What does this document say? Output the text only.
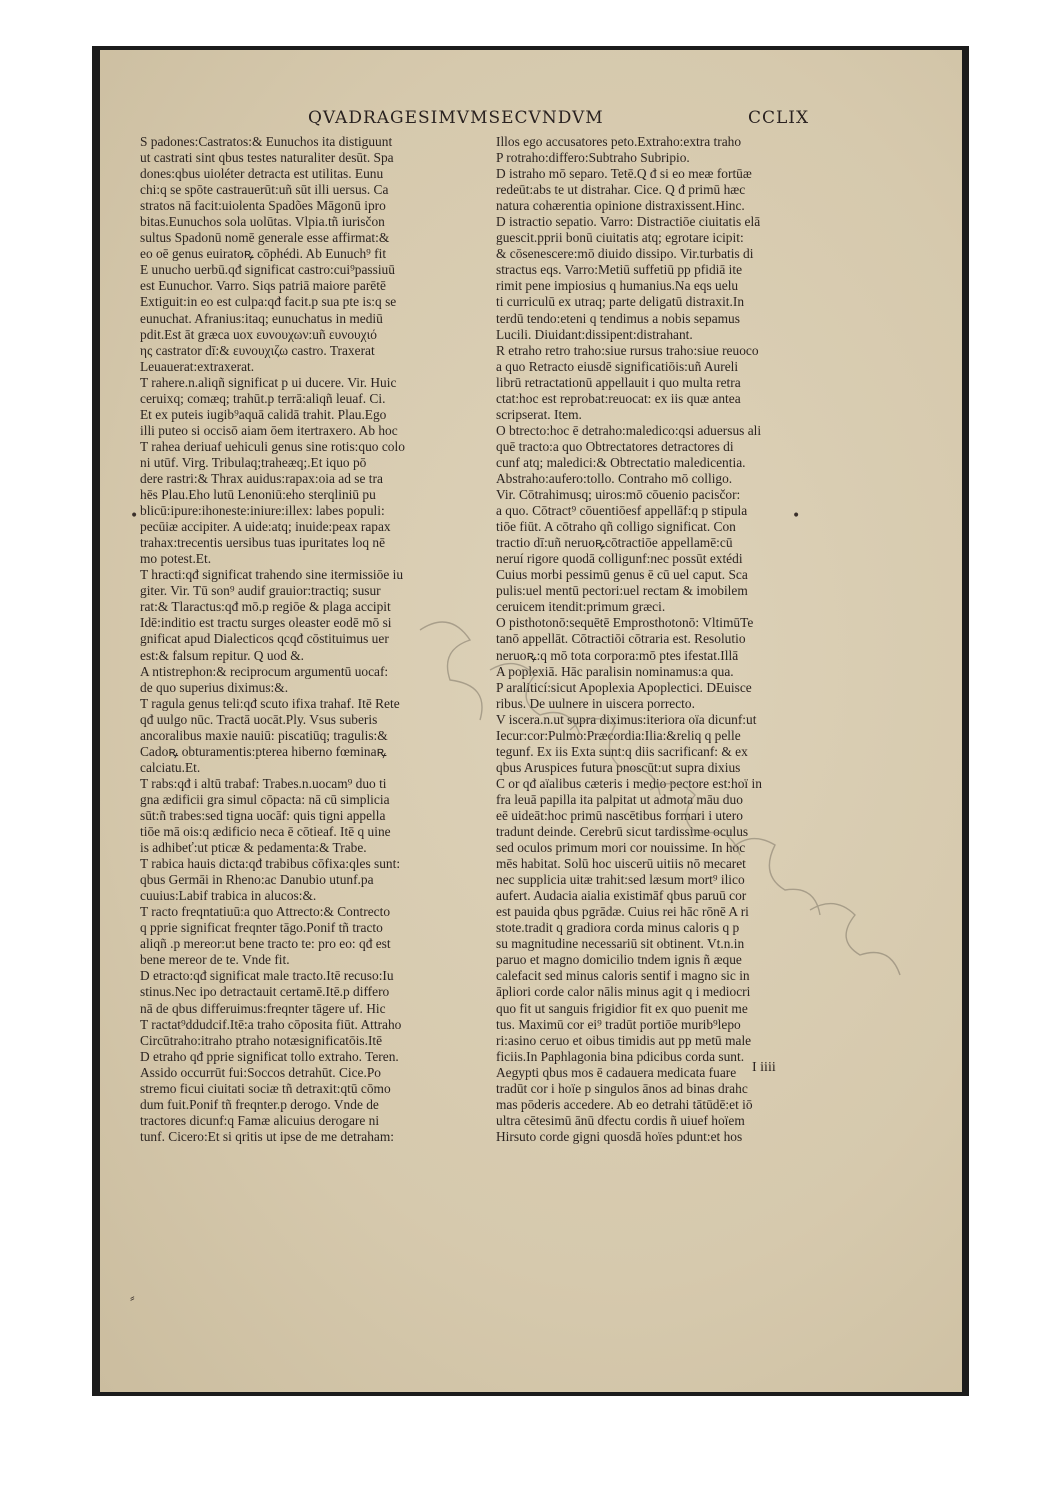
QVADRAGESIMVMSECVNDVM	CCLIX
S padones:Castratos:& Eunuchos ita distiguunt
ut castrati sint qbus testes naturaliter desūt. Spa
dones:qbus uioléter detracta est utilitas. Eunu
chi:q se spōte castrauerūt:uñ sūt illi uersus. Ca
stratos nā facit:uiolenta Spadões Māgonū ipro
bitas.Eunuchos sola uolūtas. Vlpia.tñ iurisčon
sultus Spadonū nomē generale esse affirmat:&
eo oē genus euiratoꝶ cōphédi. Ab Eunuch⁹ fit
E unucho uerbū.qđ significat castro:cui⁹passiuū
est Eunuchor. Varro. Siqs patriā maiore parētē
Extiguit:in eo est culpa:qđ facit.p sua pte is:q se
eunuchat. Afranius:itaq; eunuchatus in mediū
pdit.Est āt græca uox ευνουχων:uñ ευνουχιό
ης castrator dī:& ευνουχιζω castro. Traxerat
Leuauerat:extraxerat.
T rahere.n.aliqñ significat p ui ducere. Vir. Huic
ceruixq; comæq; trahūt.p terrā:aliqñ leuaf. Ci.
Et ex puteis iugib⁹aquā calidā trahit. Plau.Ego
illi puteo si occisō aiam ōem itertraxero. Ab hoc
T rahea deriuaf uehiculi genus sine rotis:quo colo
ni utūf. Virg. Tribulaq;traheæq;.Et iquo pō
dere rastri:& Thrax auidus:rapax:oia ad se tra
hēs Plau.Eho lutū Lenoniū:eho sterqliniū pu
blicū:ipure:ihoneste:iniure:illex: labes populi:
pecūiæ accipiter. A uide:atq; inuide:peax rapax
trahax:trecentis uersibus tuas ipuritates loq nē
mo potest.Et.
T hracti:qđ significat trahendo sine itermissiōe iu
giter. Vir. Tū son⁹ audif grauior:tractiq; susur
rat:& Tlaractus:qđ mō.p regiōe & plaga accipit
Idē:inditio est tractu surges oleaster eodē mō si
gnificat apud Dialecticos qcqđ cōstituimus uer
est:& falsum repitur. Q uod &.
A ntistrephon:& reciprocum argumentū uocaf:
de quo superius diximus:&.
T ragula genus teli:qđ scuto ifixa trahaf. Itē Rete
qđ uulgo nūc. Tractā uocāt.Ply. Vsus suberis
ancoralibus maxie nauiū: piscatiūq; tragulis:&
Cadoꝶ obturamentis:pterea hiberno fœminaꝶ
calciatu.Et.
T rabs:qđ i altū trabaf: Trabes.n.uocam⁹ duo ti
gna ædificii gra simul cōpacta: nā cū simplicia
sūt:ñ trabes:sed tigna uocāf: quis tigni appella
tiōe mā ois:q ædificio necа ē cōtieaf. Itē q uine
is adhibeť:ut pticæ & pedamenta:& Trabe.
T rabica hauis dicta:qđ trabibus cōfixa:qles sunt:
qbus Germāi in Rheno:ac Danubio utunf.pa
cuuius:Labif trabica in alucos:&.
T racto freqntatiuū:a quo Attrecto:& Contrecto
q pprie significat freqnter tāgo.Ponif tñ tracto
aliqñ .p mereor:ut bene tracto te: pro eo: qđ est
bene mereor de te. Vnde fit.
D etracto:qđ significat male tracto.Itē recuso:Iu
stinus.Nec ipo detractauit certamē.Itē.p differo
nā de qbus differuimus:freqnter tāgere uf. Hic
T ractat⁹ddudcif.Itē:a traho cōposita fiūt. Attraho
Circūtraho:itraho ptraho notæsignificatōis.Itē
D etraho qđ pprie significat tollo extraho. Teren.
Assido occurrūt fui:Soccos detrahūt. Cice.Po
stremo ficui ciuitati sociæ tñ detraxit:qtū cōmo
dum fuit.Ponif tñ freqnter.p derogo. Vnde de
tractores dicunf:q Famæ alicuius derogare ni
tunf. Cicero:Et si qritis ut ipse de me detraham:
Illos ego accusatores peto.Extraho:extra traho
P rotraho:differo:Subtraho Subripio.
D istraho mō separo. Tetē.Q đ si eo meæ fortūæ
redeūt:abs te ut distrahar. Cice. Q đ primū hæc
natura cohærentia opinione distraxissent.Hinc.
D istractio sepatio. Varro: Distractiōe ciuitatis elā
guescit.pprii bonū ciuitatis atq; egrotare icipit:
& cōsenescere:mō diuido dissipo. Vir.turbatis di
stractus eqs. Varro:Metiū suffetiū pp pfidiā ite
rimit pene impiosius q humanius.Na eqs uelu
ti curriculū ex utraq; parte deligatū distraxit.In
terdū tendo:eteni q tendimus a nobis sepamus
Lucili. Diuidant:dissipent:distrahant.
R etraho retro traho:siue rursus traho:siue reuoco
a quo Retracto eiusdē significatiōis:uñ Aureli
librū retractationū appellauit i quo multa retra
ctat:hoc est reprobat:reuocat: ex iis quæ antea
scripserat. Item.
O btrecto:hoc ē detraho:maledico:qsi aduersus ali
quē tracto:a quo Obtrectatores detractores di
cunf atq; maledici:& Obtrectatio maledicentia.
Abstraho:aufero:tollo. Contraho mō colligo.
Vir. Cōtrahimusq; uiros:mō cōuenio pacisčor:
a quo. Cōtract⁹ cōuentiōesf appellāf:q p stipula
tiōe fiūt. A cōtraho qñ colligo significat. Con
tractio dī:uñ neruoꝶcōtractiōe appellamē:cū
neruí rigore quodā colligunf:nec possūt extédi
Cuius morbi pessimū genus ē cū uel caput. Sca
pulis:uel mentū pectori:uel rectam & imobilem
ceruicem itendit:primum græci.
O pisthotonō:sequētē Emprosthotonō: VltimūTe
tanō appellāt. Cōtractiōi cōtraria est. Resolutio
neruoꝶ:q mō tota corpora:mō ptes ifestat.Illā
A poplexiā. Hāc paralisin nominamus:a qua.
P araliticí:sicut Apoplexia Apoplectici. DEuisce
ribus. De uulnere in uiscera porrecto.
V iscera.n.ut supra diximus:iteriora oïa dicunf:ut
Iecur:cor:Pulmo:Præcordia:Ilia:&reliq q pelle
tegunf. Ex iis Exta sunt:q diis sacrificanf: & ex
qbus Aruspices futura pnoscūt:ut supra dixius
C or qđ aïalibus cæteris i medio pectore est:hoï in
fra leuā papilla ita palpitat ut admota māu duo
eē uideāt:hoc primū nascētibus formari i utero
tradunt deinde. Cerebrū sicut tardissime oculus
sed oculos primum mori cor nouissime. In hoc
mēs habitat. Solū hoc uiscerū uitiis nō mecaret
nec supplicia uitæ trahit:sed læsum mort⁹ ilico
aufert. Audacia aialia existimāf qbus paruū cor
est pauida qbus pgrādæ. Cuius rei hāc rōnē A ri
stote.tradit q gradiora corda minus caloris q p
su magnitudine necessariū sit obtinent. Vt.n.in
paruo et magno domicilio tndem ignis ñ æque
calefacit sed minus caloris sentif i magno sic in
āpliori corde calor nālis minus agit q i mediocri
quo fit ut sanguis frigidior fit ex quo puenit me
tus. Maximū cor ei⁹ tradūt portiōe murib⁹lepo
ri:asino ceruo et oibus timidis aut pp metū male
ficiis.In Paphlagonia bina pdicibus corda sunt.
Aegypti qbus mos ē cadauera medicata fuare
tradūt cor i hoïe p singulos ānos ad binas drahc
mas pōderis accedere. Ab eo detrahi tātūdē:et iō
ultra cētesimū ānū dfectu cordis ñ uiuef hoïem
Hirsuto corde gigni quosdā hoïes pdunt:et hos
I iiii
•	•
⸗
